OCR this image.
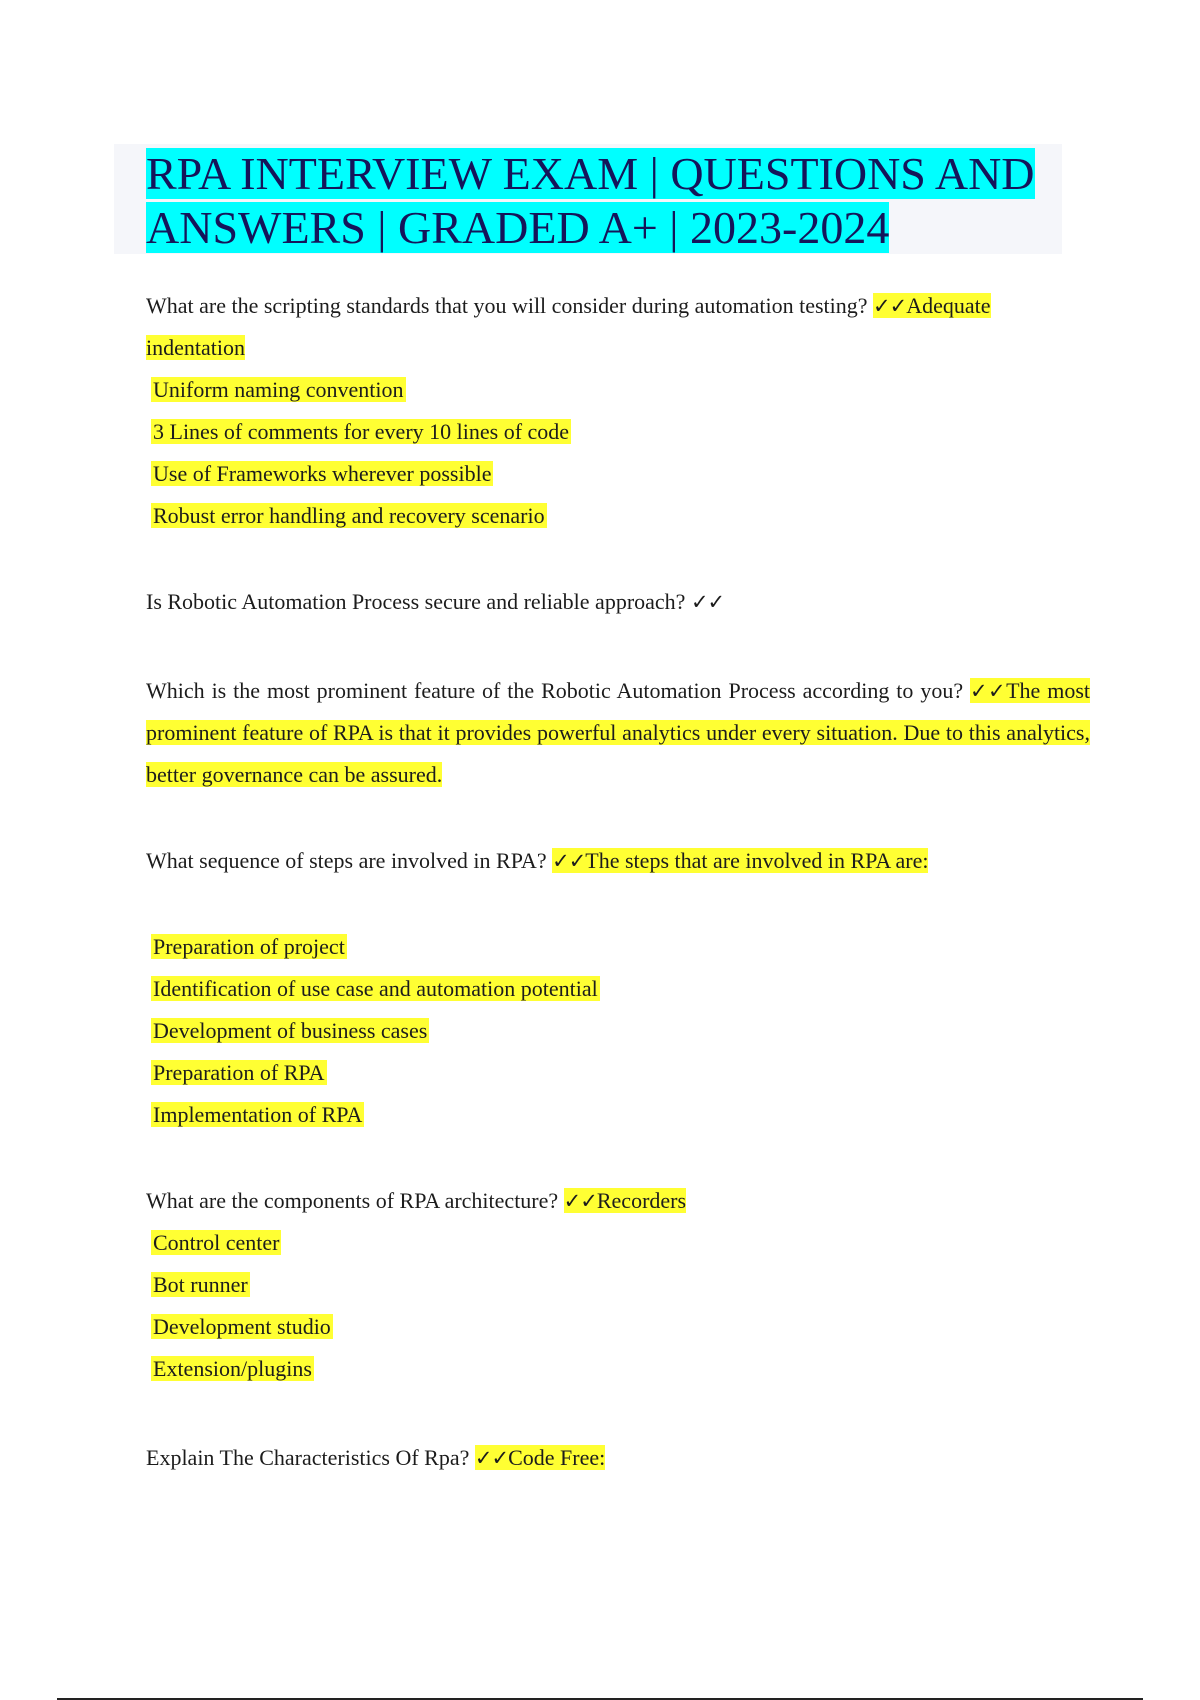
RPA INTERVIEW EXAM | QUESTIONS AND ANSWERS | GRADED A+ | 2023-2024

What are the scripting standards that you will consider during automation testing? ✓✓Adequate indentation

Uniform naming convention
3 Lines of comments for every 10 lines of code
Use of Frameworks wherever possible
Robust error handling and recovery scenario

Is Robotic Automation Process secure and reliable approach? ✓✓

Which is the most prominent feature of the Robotic Automation Process according to you? ✓✓The most prominent feature of RPA is that it provides powerful analytics under every situation. Due to this analytics, better governance can be assured.

What sequence of steps are involved in RPA? ✓✓The steps that are involved in RPA are:

Preparation of project
Identification of use case and automation potential
Development of business cases
Preparation of RPA
Implementation of RPA

What are the components of RPA architecture? ✓✓Recorders

Control center
Bot runner
Development studio
Extension/plugins

Explain The Characteristics Of Rpa? ✓✓Code Free:
